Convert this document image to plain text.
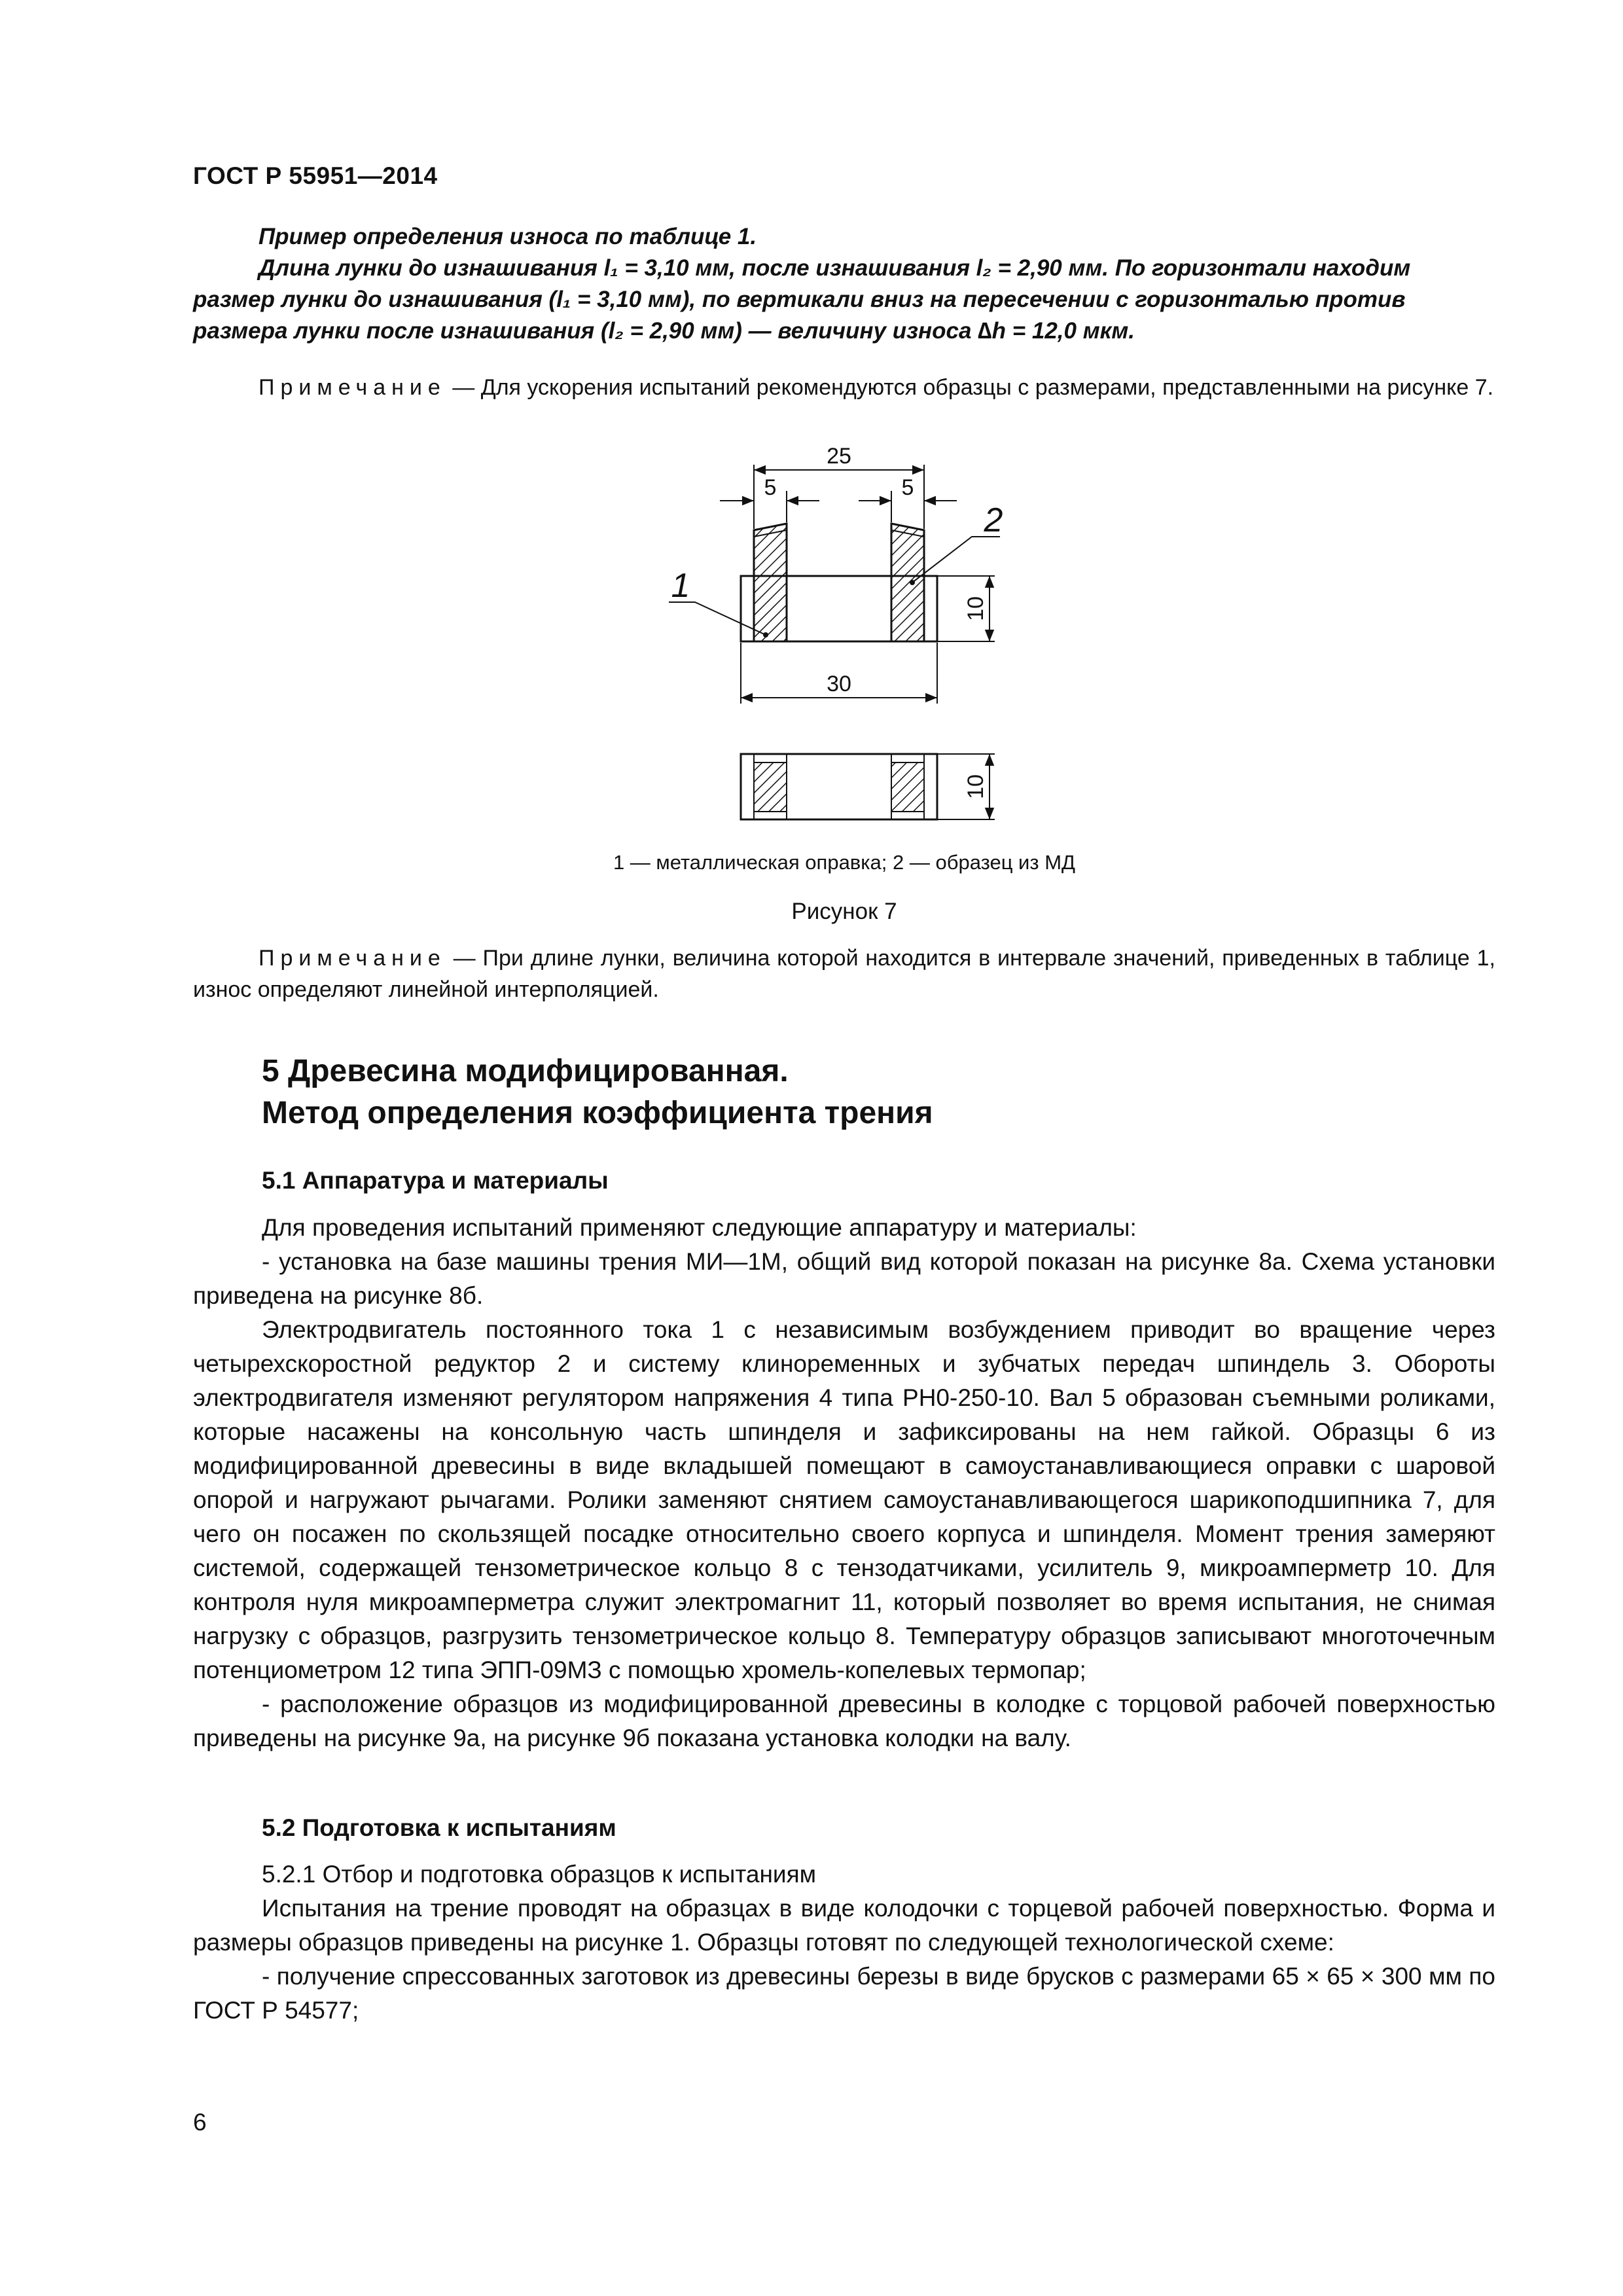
ГОСТ Р 55951—2014

Пример определения износа по таблице 1.

Длина лунки до изнашивания l₁ = 3,10 мм, после изнашивания l₂ = 2,90 мм. По горизонтали находим

размер лунки до изнашивания (l₁ = 3,10 мм), по вертикали вниз на пересечении с горизонталью против

размера лунки после изнашивания (l₂ = 2,90 мм) — величину износа ∆h = 12,0 мкм.

Примечание — Для ускорения испытаний рекомендуются образцы с размерами, представленными на рисунке 7.

25
5	5
10
30
10
1
2
1 — металлическая оправка; 2 — образец из МД
Рисунок 7

Примечание — При длине лунки, величина которой находится в интервале значений, приведенных в таблице 1, износ определяют линейной интерполяцией.

5 Древесина модифицированная.
Метод определения коэффициента трения
5.1 Аппаратура и материалы

Для проведения испытаний применяют следующие аппаратуру и материалы:

- установка на базе машины трения МИ—1М, общий вид которой показан на рисунке 8а. Схема установки приведена на рисунке 8б.

Электродвигатель постоянного тока 1 с независимым возбуждением приводит во вращение через четырехскоростной редуктор 2 и систему клиноременных и зубчатых передач шпиндель 3. Обороты электродвигателя изменяют регулятором напряжения 4 типа РН0-250-10. Вал 5 образован съемными роликами, которые насажены на консольную часть шпинделя и зафиксированы на нем гайкой. Образцы 6 из модифицированной древесины в виде вкладышей помещают в самоустанавливающиеся оправки с шаровой опорой и нагружают рычагами. Ролики заменяют снятием самоустанавливающегося шарикоподшипника 7, для чего он посажен по скользящей посадке относительно своего корпуса и шпинделя. Момент трения замеряют системой, содержащей тензометрическое кольцо 8 с тензодатчиками, усилитель 9, микроамперметр 10. Для контроля нуля микроамперметра служит электромагнит 11, который позволяет во время испытания, не снимая нагрузку с образцов, разгрузить тензометрическое кольцо 8. Температуру образцов записывают многоточечным потенциометром 12 типа ЭПП-09МЗ с помощью хромель-копелевых термопар;

- расположение образцов из модифицированной древесины в колодке с торцовой рабочей поверхностью приведены на рисунке 9а, на рисунке 9б показана установка колодки на валу.

5.2 Подготовка к испытаниям

5.2.1 Отбор и подготовка образцов к испытаниям

Испытания на трение проводят на образцах в виде колодочки с торцевой рабочей поверхностью. Форма и размеры образцов приведены на рисунке 1. Образцы готовят по следующей технологической схеме:

- получение спрессованных заготовок из древесины березы в виде брусков с размерами 65 × 65 × 300 мм по ГОСТ Р 54577;

6
